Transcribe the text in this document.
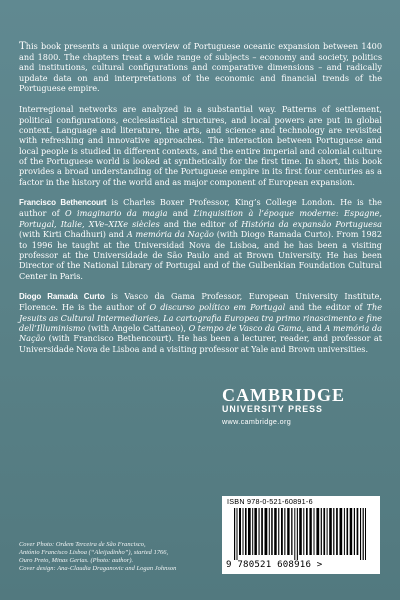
This book presents a unique overview of Portuguese oceanic expansion between 1400 and 1800. The chapters treat a wide range of subjects – economy and society, politics and institutions, cultural configurations and comparative dimensions – and radically update data on and interpretations of the economic and financial trends of the Portuguese empire.

Interregional networks are analyzed in a substantial way. Patterns of settlement, political configurations, ecclesiastical structures, and local powers are put in global context. Language and literature, the arts, and science and technology are revisited with refreshing and innovative approaches. The interaction between Portuguese and local people is studied in different contexts, and the entire imperial and colonial culture of the Portuguese world is looked at synthetically for the first time. In short, this book provides a broad understanding of the Portuguese empire in its first four centuries as a factor in the history of the world and as major component of European expansion.

Francisco Bethencourt is Charles Boxer Professor, King’s College London. He is the author of O imaginario da magia and L’inquisition à l’époque moderne: Espagne, Portugal, Italie, XVe–XIXe siècles and the editor of História da expansão Portuguesa (with Kirti Chadhuri) and A memória da Nação (with Diogo Ramada Curto). From 1982 to 1996 he taught at the Universidad Nova de Lisboa, and he has been a visiting professor at the Universidade de São Paulo and at Brown University. He has been Director of the National Library of Portugal and of the Gulbenkian Foundation Cultural Center in Paris.

Diogo Ramada Curto is Vasco da Gama Professor, European University Institute, Florence. He is the author of O discurso político em Portugal and the editor of The Jesuits as Cultural Intermediaries, La cartografia Europea tra primo rinascimento e fine dell’Illuminismo (with Angelo Cattaneo), O tempo de Vasco da Gama, and A memória da Nação (with Francisco Bethencourt). He has been a lecturer, reader, and professor at Universidade Nova de Lisboa and a visiting professor at Yale and Brown universities.

CAMBRIDGE
UNIVERSITY PRESS
www.cambridge.org
ISBN 978-0-521-60891-6
9 780521 608916 >
Cover Photo: Ordem Terceira de São Francisco,
António Francisco Lisboa (“Aleijadinho”), started 1766,
Ouro Preto, Minas Gerias. (Photo: author).
Cover design: Ana-Claudia Draganovic and Logan Johnson
